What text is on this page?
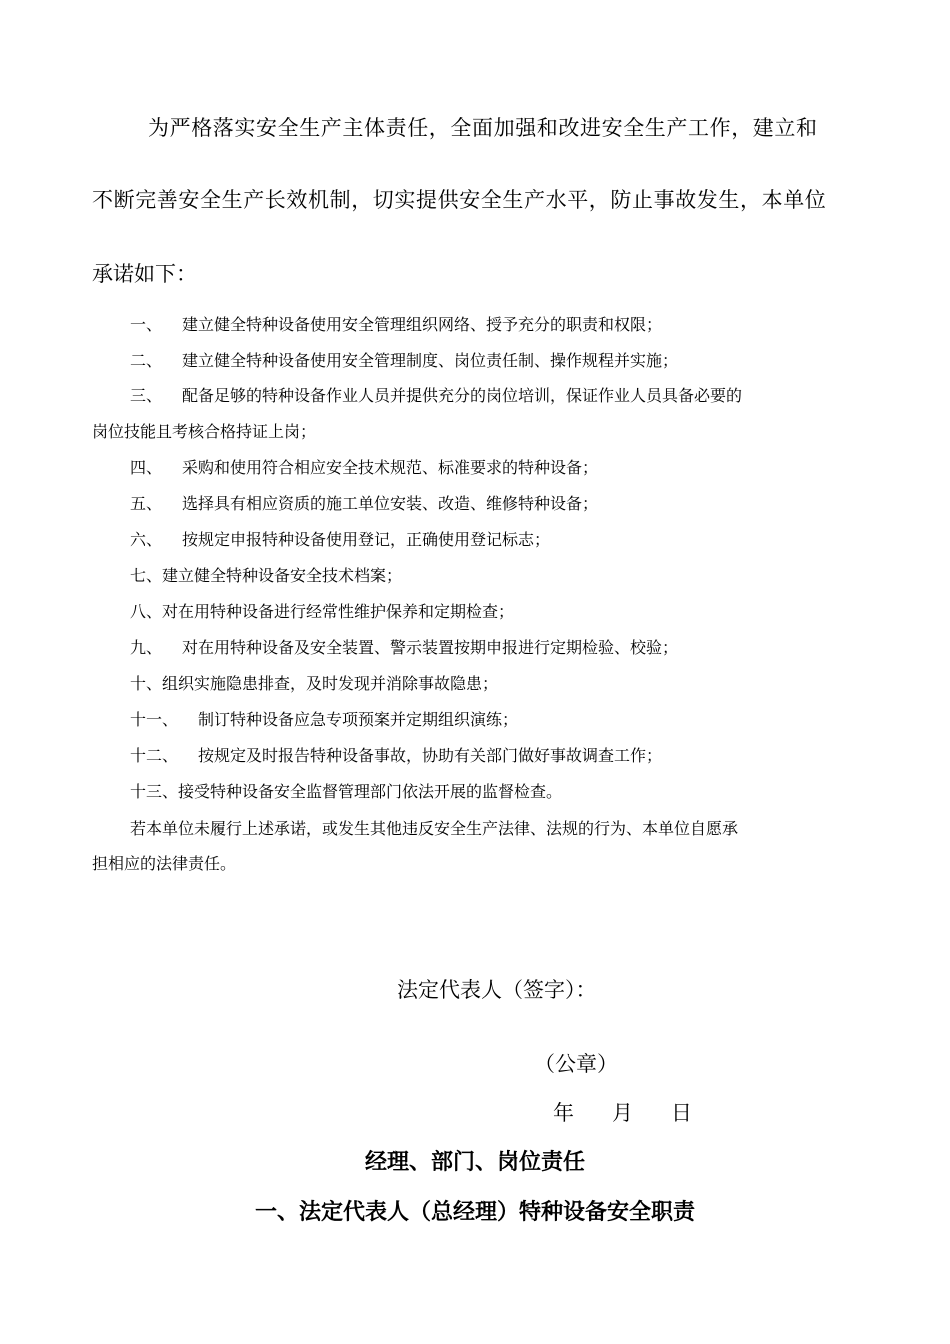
为严格落实安全生产主体责任，全面加强和改进安全生产工作，建立和
不断完善安全生产长效机制，切实提供安全生产水平，防止事故发生，本单位
承诺如下：
一、 建立健全特种设备使用安全管理组织网络、授予充分的职责和权限；
二、 建立健全特种设备使用安全管理制度、岗位责任制、操作规程并实施；
三、 配备足够的特种设备作业人员并提供充分的岗位培训，保证作业人员具备必要的
岗位技能且考核合格持证上岗；
四、 采购和使用符合相应安全技术规范、标准要求的特种设备；
五、 选择具有相应资质的施工单位安装、改造、维修特种设备；
六、 按规定申报特种设备使用登记，正确使用登记标志；
七、建立健全特种设备安全技术档案；
八、对在用特种设备进行经常性维护保养和定期检查；
九、 对在用特种设备及安全装置、警示装置按期申报进行定期检验、校验；
十、组织实施隐患排查，及时发现并消除事故隐患；
十一、 制订特种设备应急专项预案并定期组织演练；
十二、 按规定及时报告特种设备事故，协助有关部门做好事故调查工作；
十三、接受特种设备安全监督管理部门依法开展的监督检查。
若本单位未履行上述承诺，或发生其他违反安全生产法律、法规的行为、本单位自愿承
担相应的法律责任。
法定代表人（签字）：
（公章）
年 月 日
经理、部门、岗位责任
一、法定代表人（总经理）特种设备安全职责
